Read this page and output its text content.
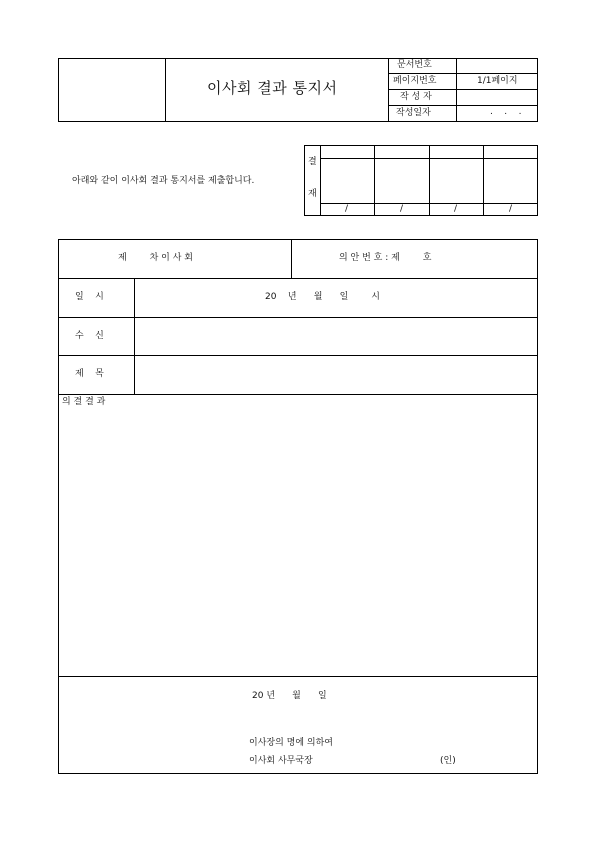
이사회 결과 통지서
문서번호
페이지번호	1/1페이지
작 성 자
작성일자	.    .    .
아래와 같이 이사회 결과 통지서를 제출합니다.
결
재
/	/	/	/
제        차 이 사 회	의 안 번 호 : 제        호
일    시	20    년      월      일        시
수    신
제    목
의 결 결 과
20 년      월      일
이사장의 명에 의하여
이사회 사무국장	(인)
